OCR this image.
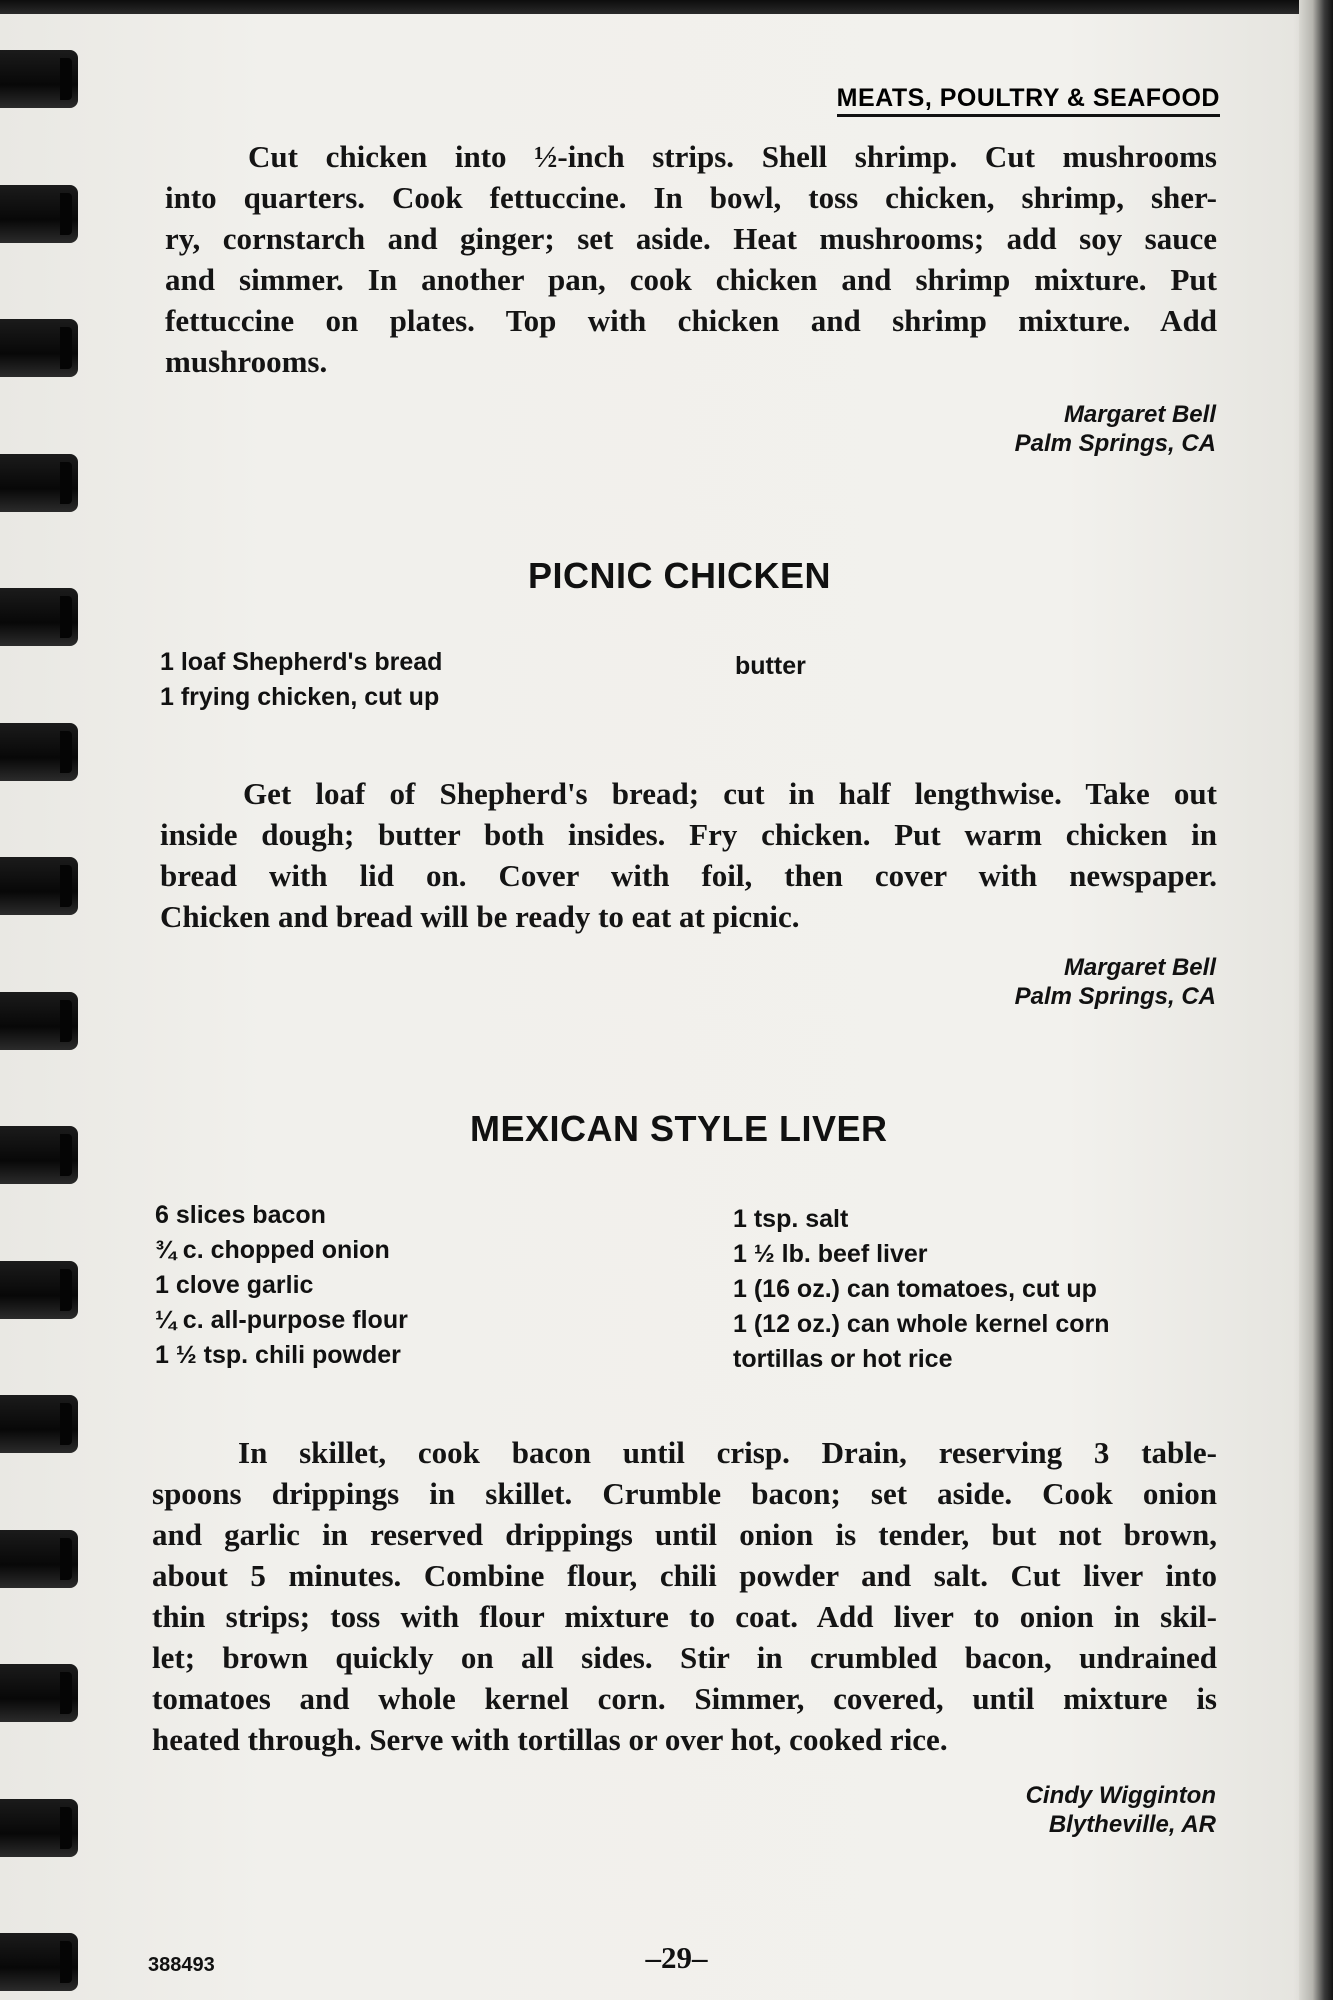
MEATS, POULTRY & SEAFOOD
Cut chicken into ½-inch strips. Shell shrimp. Cut mushrooms
into quarters. Cook fettuccine. In bowl, toss chicken, shrimp, sher-
ry, cornstarch and ginger; set aside. Heat mushrooms; add soy sauce
and simmer. In another pan, cook chicken and shrimp mixture. Put
fettuccine on plates. Top with chicken and shrimp mixture. Add
mushrooms.
Margaret Bell
Palm Springs, CA
PICNIC CHICKEN
1 loaf Shepherd's bread
1 frying chicken, cut up
butter
Get loaf of Shepherd's bread; cut in half lengthwise. Take out
inside dough; butter both insides. Fry chicken. Put warm chicken in
bread with lid on. Cover with foil, then cover with newspaper.
Chicken and bread will be ready to eat at picnic.
Margaret Bell
Palm Springs, CA
MEXICAN STYLE LIVER
6 slices bacon
¾ c. chopped onion
1 clove garlic
¼ c. all-purpose flour
1 ½ tsp. chili powder
1 tsp. salt
1 ½ lb. beef liver
1 (16 oz.) can tomatoes, cut up
1 (12 oz.) can whole kernel corn
tortillas or hot rice
In skillet, cook bacon until crisp. Drain, reserving 3 table-
spoons drippings in skillet. Crumble bacon; set aside. Cook onion
and garlic in reserved drippings until onion is tender, but not brown,
about 5 minutes. Combine flour, chili powder and salt. Cut liver into
thin strips; toss with flour mixture to coat. Add liver to onion in skil-
let; brown quickly on all sides. Stir in crumbled bacon, undrained
tomatoes and whole kernel corn. Simmer, covered, until mixture is
heated through. Serve with tortillas or over hot, cooked rice.
Cindy Wigginton
Blytheville, AR
388493	–29–
